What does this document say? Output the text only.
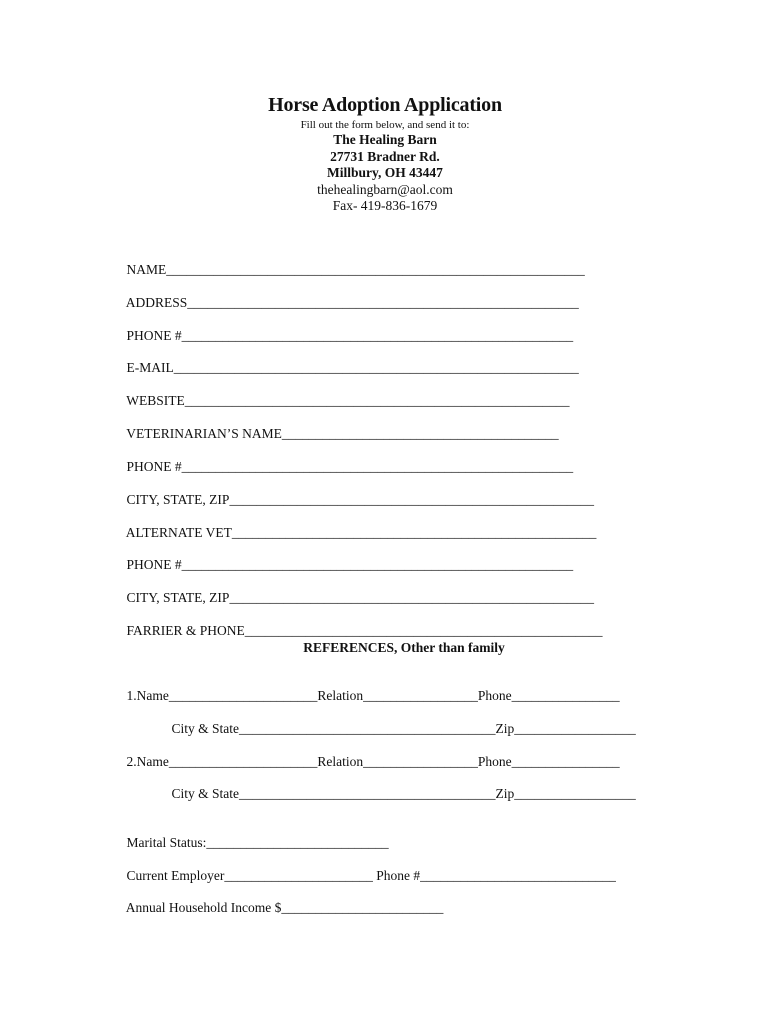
Horse Adoption Application
Fill out the form below, and send it to:
The Healing Barn
27731 Bradner Rd.
Millbury, OH 43447
thehealingbarn@aol.com
Fax- 419-836-1679

NAME______________________________________________________________

ADDRESS__________________________________________________________

PHONE #__________________________________________________________

E-MAIL____________________________________________________________

WEBSITE_________________________________________________________

VETERINARIAN’S NAME_________________________________________

PHONE #__________________________________________________________

CITY, STATE, ZIP______________________________________________________

ALTERNATE VET______________________________________________________

PHONE #__________________________________________________________

CITY, STATE, ZIP______________________________________________________

FARRIER & PHONE_____________________________________________________

REFERENCES, Other than family

1.Name______________________Relation_________________Phone________________

City & State______________________________________Zip__________________

2.Name______________________Relation_________________Phone________________

City & State______________________________________Zip__________________

Marital Status:___________________________

Current Employer______________________ Phone #_____________________________

Annual Household Income $________________________
